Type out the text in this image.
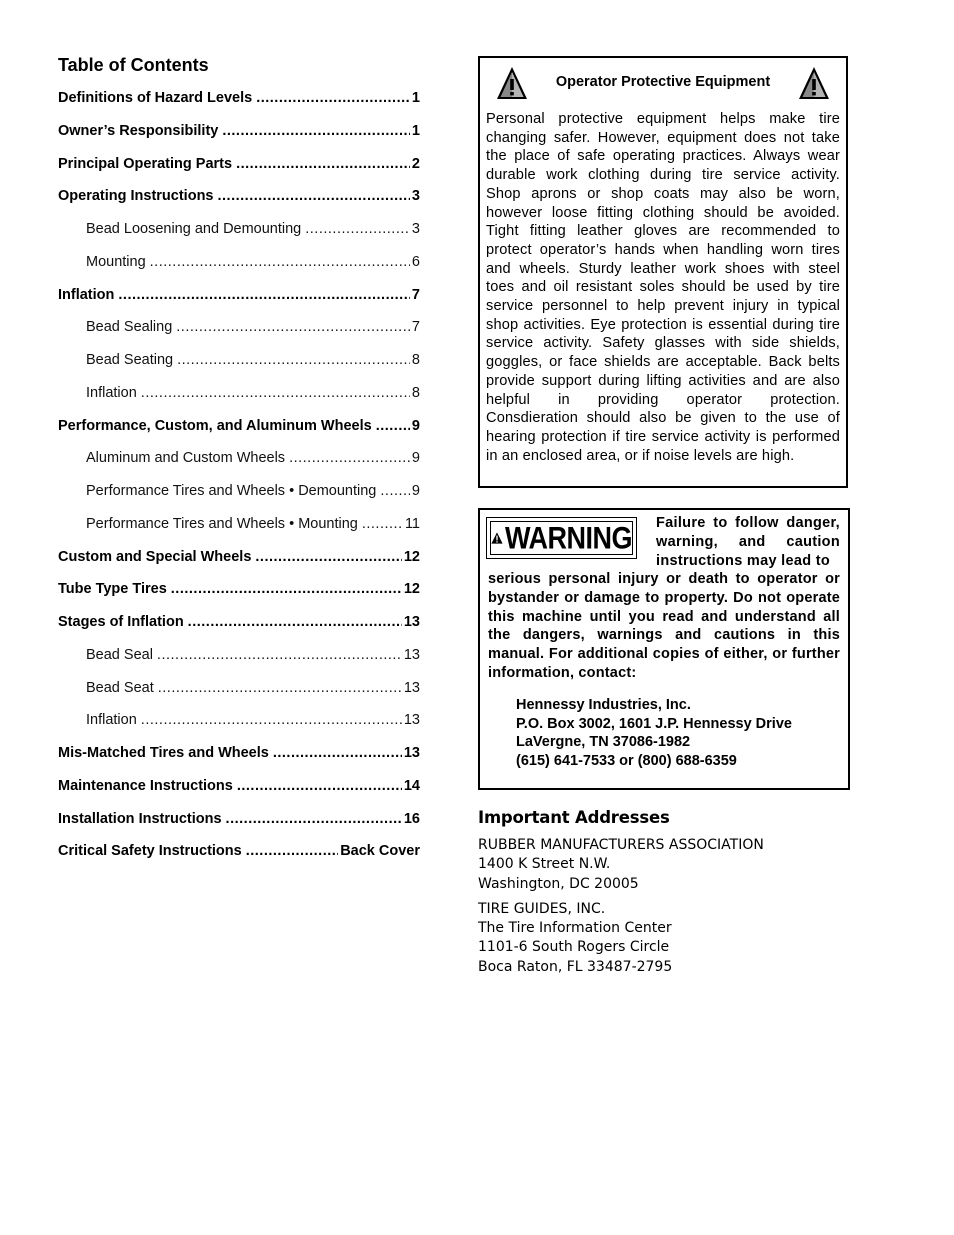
Table of Contents
Definitions of Hazard Levels .....	1
Owner’s Responsibility .....	1
Principal Operating Parts .....	2
Operating Instructions .....	3
Bead Loosening and Demounting .....	3
Mounting .....	6
Inflation .....	7
Bead Sealing .....	7
Bead Seating .....	8
Inflation .....	8
Performance, Custom, and Aluminum Wheels .....	9
Aluminum and Custom Wheels .....	9
Performance Tires and Wheels • Demounting ..... 9
Performance Tires and Wheels • Mounting .....	11
Custom and Special Wheels .....	12
Tube Type Tires .....	12
Stages of Inflation .....	13
Bead Seal .....	13
Bead Seat .....	13
Inflation .....	13
Mis-Matched Tires and Wheels .....	13
Maintenance Instructions .....	14
Installation Instructions .....	16
Critical Safety Instructions .....	Back Cover
Operator Protective Equipment
Personal protective equipment helps make tire changing safer. However, equipment does not take the place of safe operating practices. Always wear durable work clothing during tire service activity. Shop aprons or shop coats may also be worn, however loose fitting clothing should be avoided. Tight fitting leather gloves are recommended to protect operator’s hands when handling worn tires and wheels. Sturdy leather work shoes with steel toes and oil resistant soles should be used by tire service personnel to help prevent injury in typical shop activities. Eye protection is essential during tire service activity. Safety glasses with side shields, goggles, or face shields are acceptable. Back belts provide support during lifting activities and are also helpful in providing operator protection. Consdieration should also be given to the use of hearing protection if tire service activity is performed in an enclosed area, or if noise levels are high.
WARNING Failure to follow danger,
warning, and caution
instructions may lead to
serious personal injury or death to operator or bystander or damage to property. Do not operate this machine until you read and understand all the dangers, warnings and cautions in this manual. For additional copies of either, or further information, contact:
Hennessy Industries, Inc.
P.O. Box 3002, 1601 J.P. Hennessy Drive
LaVergne, TN 37086-1982
(615) 641-7533 or (800) 688-6359
Important Addresses
RUBBER MANUFACTURERS ASSOCIATION
1400 K Street N.W.
Washington, DC 20005
TIRE GUIDES, INC.
The Tire Information Center
1101-6 South Rogers Circle
Boca Raton, FL 33487-2795
